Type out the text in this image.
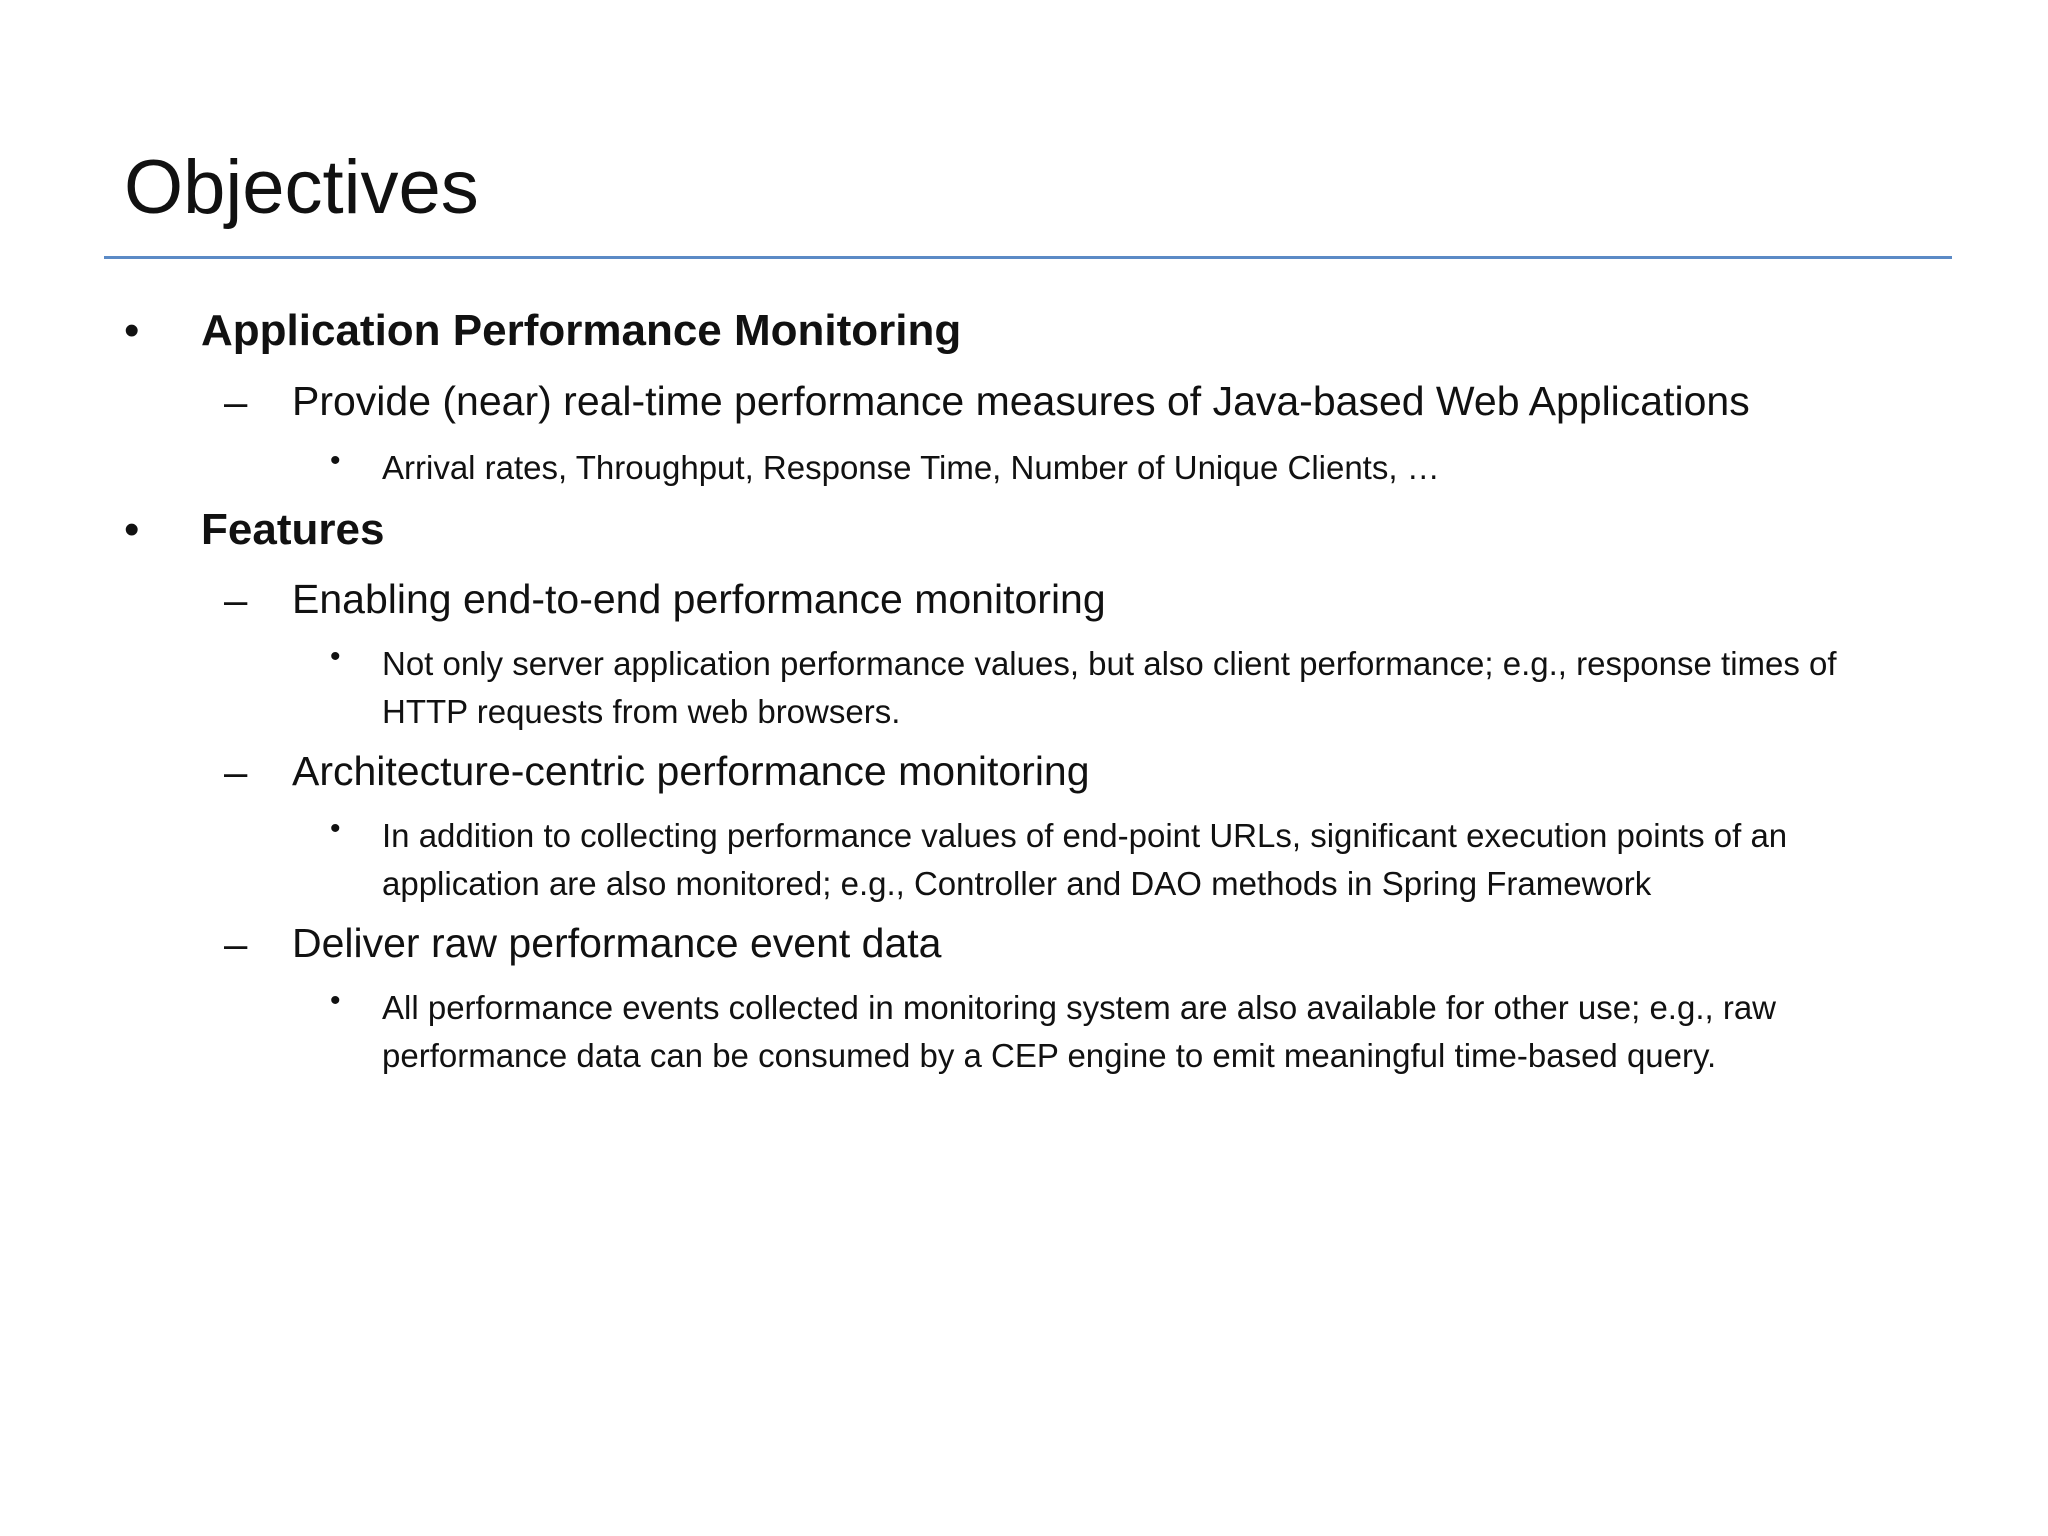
Objectives
• Application Performance Monitoring
– Provide (near) real-time performance measures of Java-based Web Applications
• Arrival rates, Throughput, Response Time, Number of Unique Clients, …
• Features
– Enabling end-to-end performance monitoring
• Not only server application performance values, but also client performance; e.g., response times of HTTP requests from web browsers.
– Architecture-centric performance monitoring
• In addition to collecting performance values of end-point URLs, significant execution points of an application are also monitored; e.g., Controller and DAO methods in Spring Framework
– Deliver raw performance event data
• All performance events collected in monitoring system are also available for other use; e.g., raw performance data can be consumed by a CEP engine to emit meaningful time-based query.
